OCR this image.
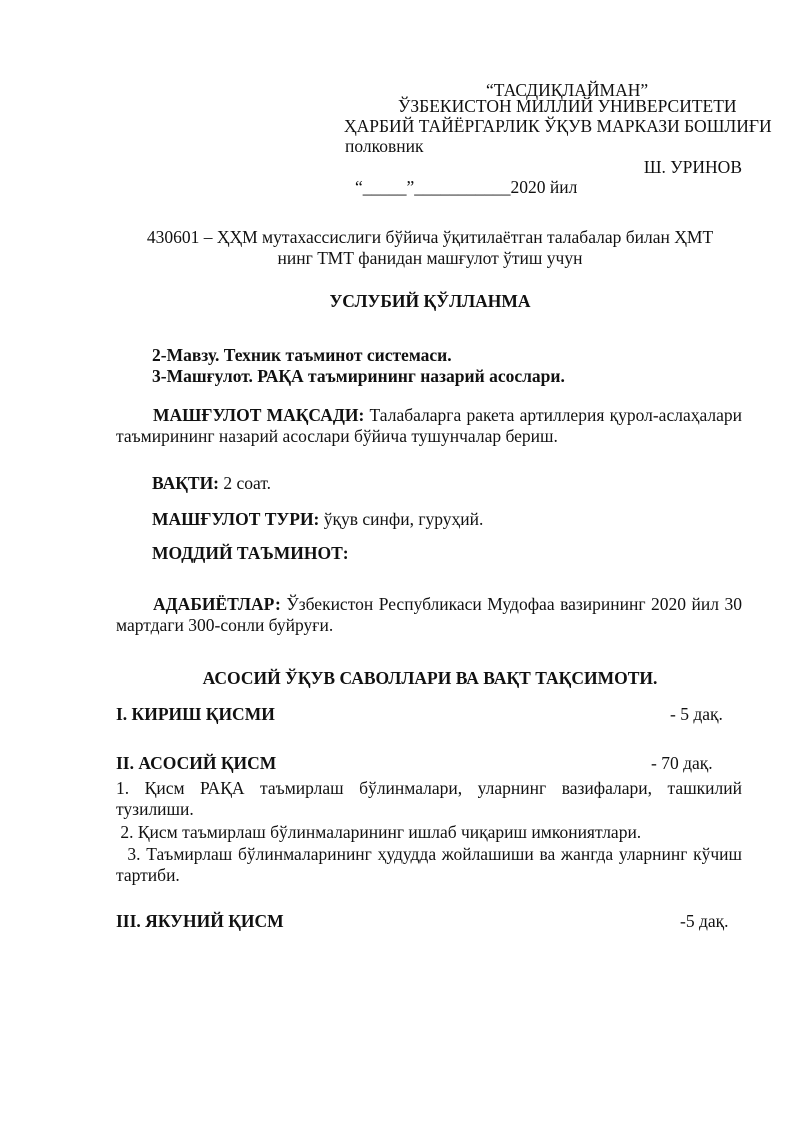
“ТАСДИҚЛАЙМАН”
ЎЗБЕКИСТОН МИЛЛИЙ УНИВЕРСИТЕТИ
ҲАРБИЙ ТАЙЁРГАРЛИК ЎҚУВ МАРКАЗИ БОШЛИҒИ
полковник
Ш. УРИНОВ
“_____”___________2020 йил
430601 – ҲҲМ мутахассислиги бўйича ўқитилаётган талабалар билан ҲМТ
нинг ТМТ фанидан машғулот ўтиш учун
УСЛУБИЙ ҚЎЛЛАНМА
2-Мавзу. Техник таъминот системаси.
3-Машғулот. РАҚА таъмирининг назарий асослари.
МАШҒУЛОТ МАҚСАДИ: Талабаларга ракета артиллерия қурол-аслаҳалари таъмирининг назарий асослари бўйича тушунчалар бериш.
ВАҚТИ: 2 соат.
МАШҒУЛОТ ТУРИ: ўқув синфи, гуруҳий.
МОДДИЙ ТАЪМИНОТ:
АДАБИЁТЛАР: Ўзбекистон Республикаси Мудофаа вазирининг 2020 йил 30 мартдаги 300-сонли буйруғи.
АСОСИЙ ЎҚУВ САВОЛЛАРИ ВА ВАҚТ ТАҚСИМОТИ.
I. КИРИШ ҚИСМИ	- 5 дақ.
II. АСОСИЙ ҚИСМ	- 70 дақ.
1. Қисм РАҚА таъмирлаш бўлинмалари, уларнинг вазифалари, ташкилий тузилиши.
2. Қисм таъмирлаш бўлинмаларининг ишлаб чиқариш имкониятлари.
3. Таъмирлаш бўлинмаларининг ҳудудда жойлашиши ва жангда уларнинг кўчиш тартиби.
III. ЯКУНИЙ ҚИСМ	-5 дақ.
